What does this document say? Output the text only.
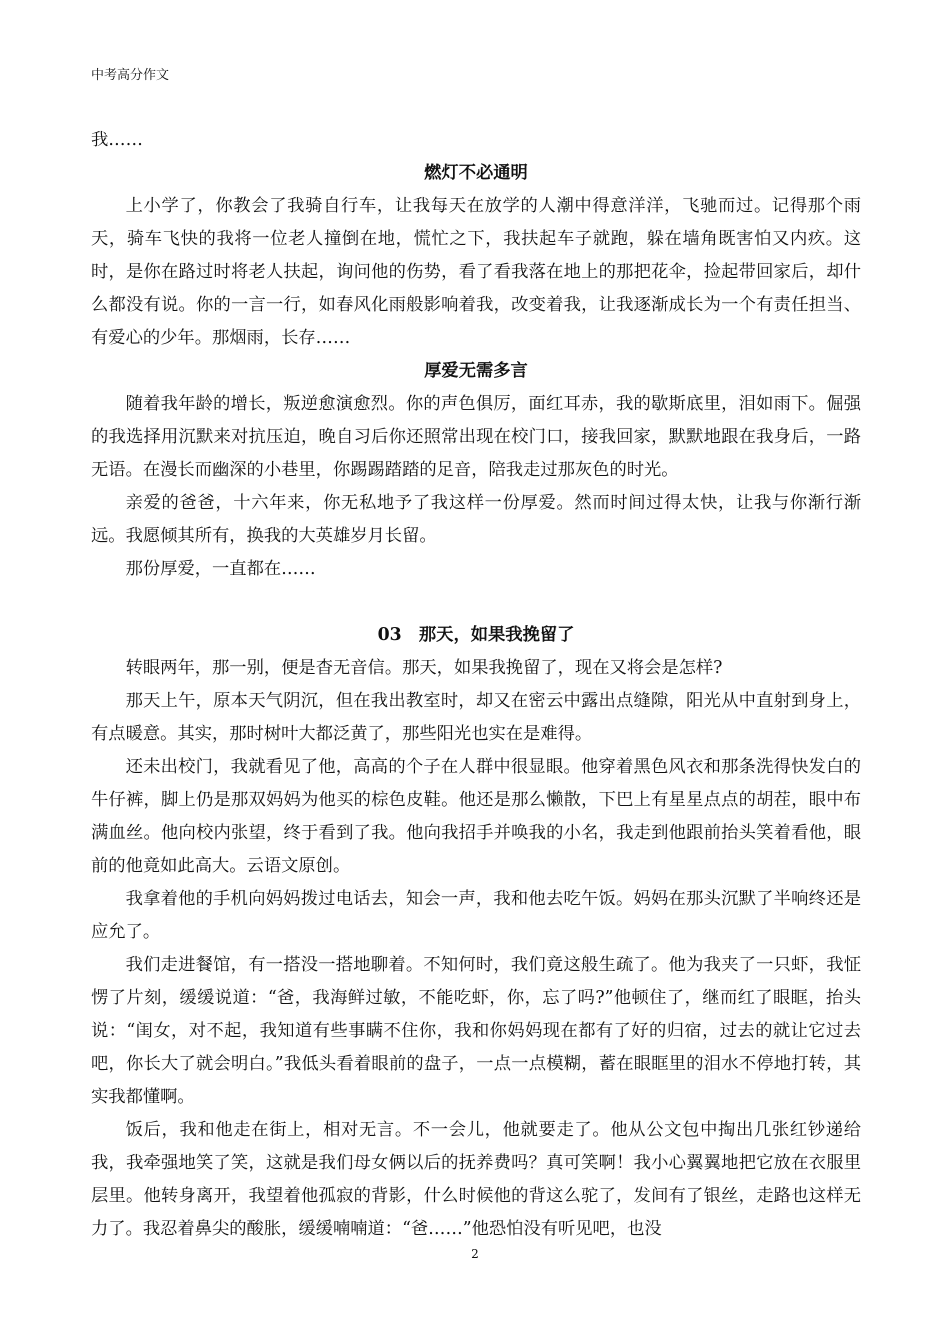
中考高分作文

我……

燃灯不必通明

上小学了，你教会了我骑自行车，让我每天在放学的人潮中得意洋洋，飞驰而过。记得那个雨天，骑车飞快的我将一位老人撞倒在地，慌忙之下，我扶起车子就跑，躲在墙角既害怕又内疚。这时，是你在路过时将老人扶起，询问他的伤势，看了看我落在地上的那把花伞，捡起带回家后，却什么都没有说。你的一言一行，如春风化雨般影响着我，改变着我，让我逐渐成长为一个有责任担当、有爱心的少年。那烟雨，长存……

厚爱无需多言

随着我年龄的增长，叛逆愈演愈烈。你的声色俱厉，面红耳赤，我的歇斯底里，泪如雨下。倔强的我选择用沉默来对抗压迫，晚自习后你还照常出现在校门口，接我回家，默默地跟在我身后，一路无语。在漫长而幽深的小巷里，你踢踢踏踏的足音，陪我走过那灰色的时光。

亲爱的爸爸，十六年来，你无私地予了我这样一份厚爱。然而时间过得太快，让我与你渐行渐远。我愿倾其所有，换我的大英雄岁月长留。

那份厚爱，一直都在……

03　那天，如果我挽留了

转眼两年，那一别，便是杳无音信。那天，如果我挽留了，现在又将会是怎样?

那天上午，原本天气阴沉，但在我出教室时，却又在密云中露出点缝隙，阳光从中直射到身上，有点暖意。其实，那时树叶大都泛黄了，那些阳光也实在是难得。

还未出校门，我就看见了他，高高的个子在人群中很显眼。他穿着黑色风衣和那条洗得快发白的牛仔裤，脚上仍是那双妈妈为他买的棕色皮鞋。他还是那么懒散，下巴上有星星点点的胡茬，眼中布满血丝。他向校内张望，终于看到了我。他向我招手并唤我的小名，我走到他跟前抬头笑着看他，眼前的他竟如此高大。云语文原创。

我拿着他的手机向妈妈拨过电话去，知会一声，我和他去吃午饭。妈妈在那头沉默了半响终还是应允了。

我们走进餐馆，有一搭没一搭地聊着。不知何时，我们竟这般生疏了。他为我夹了一只虾，我怔愣了片刻，缓缓说道：“爸，我海鲜过敏，不能吃虾，你，忘了吗?”他顿住了，继而红了眼眶，抬头说：“闺女，对不起，我知道有些事瞒不住你，我和你妈妈现在都有了好的归宿，过去的就让它过去吧，你长大了就会明白。”我低头看着眼前的盘子，一点一点模糊，蓄在眼眶里的泪水不停地打转，其实我都懂啊。

饭后，我和他走在街上，相对无言。不一会儿，他就要走了。他从公文包中掏出几张红钞递给我，我牵强地笑了笑，这就是我们母女俩以后的抚养费吗？真可笑啊！我小心翼翼地把它放在衣服里层里。他转身离开，我望着他孤寂的背影，什么时候他的背这么驼了，发间有了银丝，走路也这样无力了。我忍着鼻尖的酸胀，缓缓喃喃道：“爸……”他恐怕没有听见吧，也没

2
